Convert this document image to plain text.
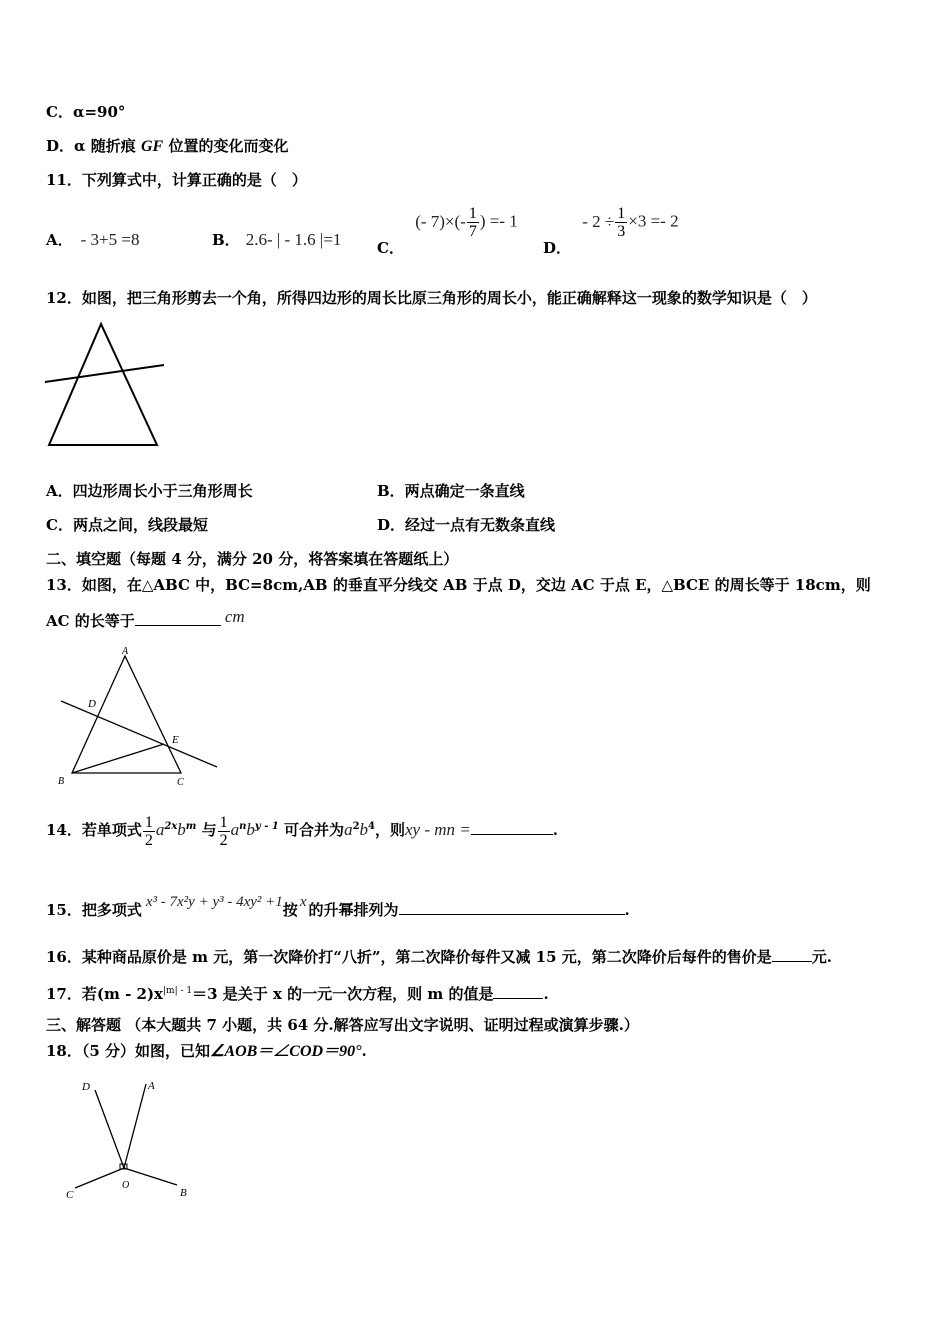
C．α=90°
D．α 随折痕 GF 位置的变化而变化
11．下列算式中，计算正确的是（　）
A． - 3+5 =8	B． 2.6- | - 1.6 |=1 C． (- $7)\times(- \frac{1}{7}$ ) =- 1
D． - $2 \div \frac{1}{3} \times 3 =- 2$
12．如图，把三角形剪去一个角，所得四边形的周长比原三角形的周长小，能正确解释这一现象的数学知识是（　）
A．四边形周长小于三角形周长	B．两点确定一条直线
C．两点之间，线段最短	D．经过一点有无数条直线
二、填空题（每题 4 分，满分 20 分，将答案填在答题纸上）
13．如图，在△ABC 中，BC=8cm,AB 的垂直平分线交 AB 于点 D，交边 AC 于点 E，△BCE 的周长等于 18cm，则
AC 的长等于	cm
A
D
E
B	C
14．若单项式 $\frac{1}{2} a^{2x}b^m$ 与 $\frac{1}{2} a^nb^{y - 1}$ 可合并为$a^2b^4$，则xy - mn =	.
15．把多项式 x³ - 7x²y + y³ - 4xy² +1按 x 的升幂排列为	.
16．某种商品原价是 m 元，第一次降价打“八折”，第二次降价每件又减 15 元，第二次降价后每件的售价是	元.
17．若$(m - 2)x^{|m| - 1}=3$ 是关于 x 的一元一次方程，则 m 的值是	.
三、解答题 （本大题共 7 小题，共 64 分.解答应写出文字说明、证明过程或演算步骤.）
18．（5 分）如图，已知∠AOB＝∠COD＝90°.
D	A
O
C	B
